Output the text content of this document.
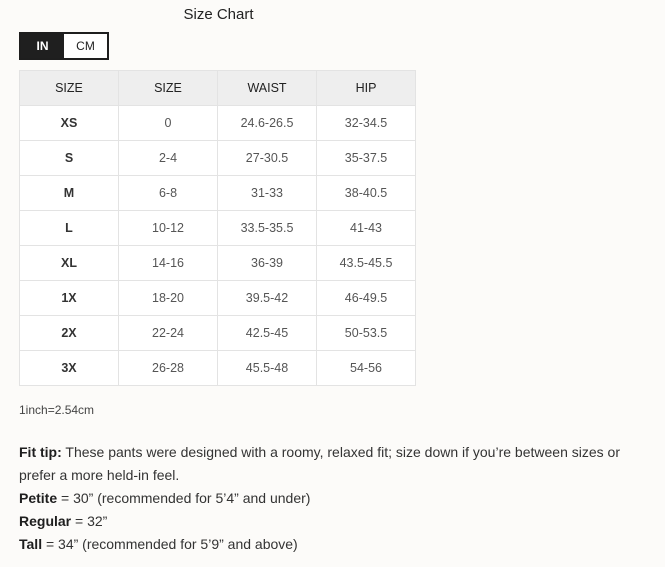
Size Chart
IN	CM
SIZE	SIZE	WAIST	HIP
XS	0	24.6-26.5	32-34.5
S	2-4	27-30.5	35-37.5
M	6-8	31-33	38-40.5
L	10-12	33.5-35.5	41-43
XL	14-16	36-39	43.5-45.5
1X	18-20	39.5-42	46-49.5
2X	22-24	42.5-45	50-53.5
3X	26-28	45.5-48	54-56
1inch=2.54cm

Fit tip: These pants were designed with a roomy, relaxed fit; size down if you’re between sizes or prefer a more held-in feel.

Petite = 30” (recommended for 5’4” and under)

Regular = 32”

Tall = 34” (recommended for 5’9” and above)
